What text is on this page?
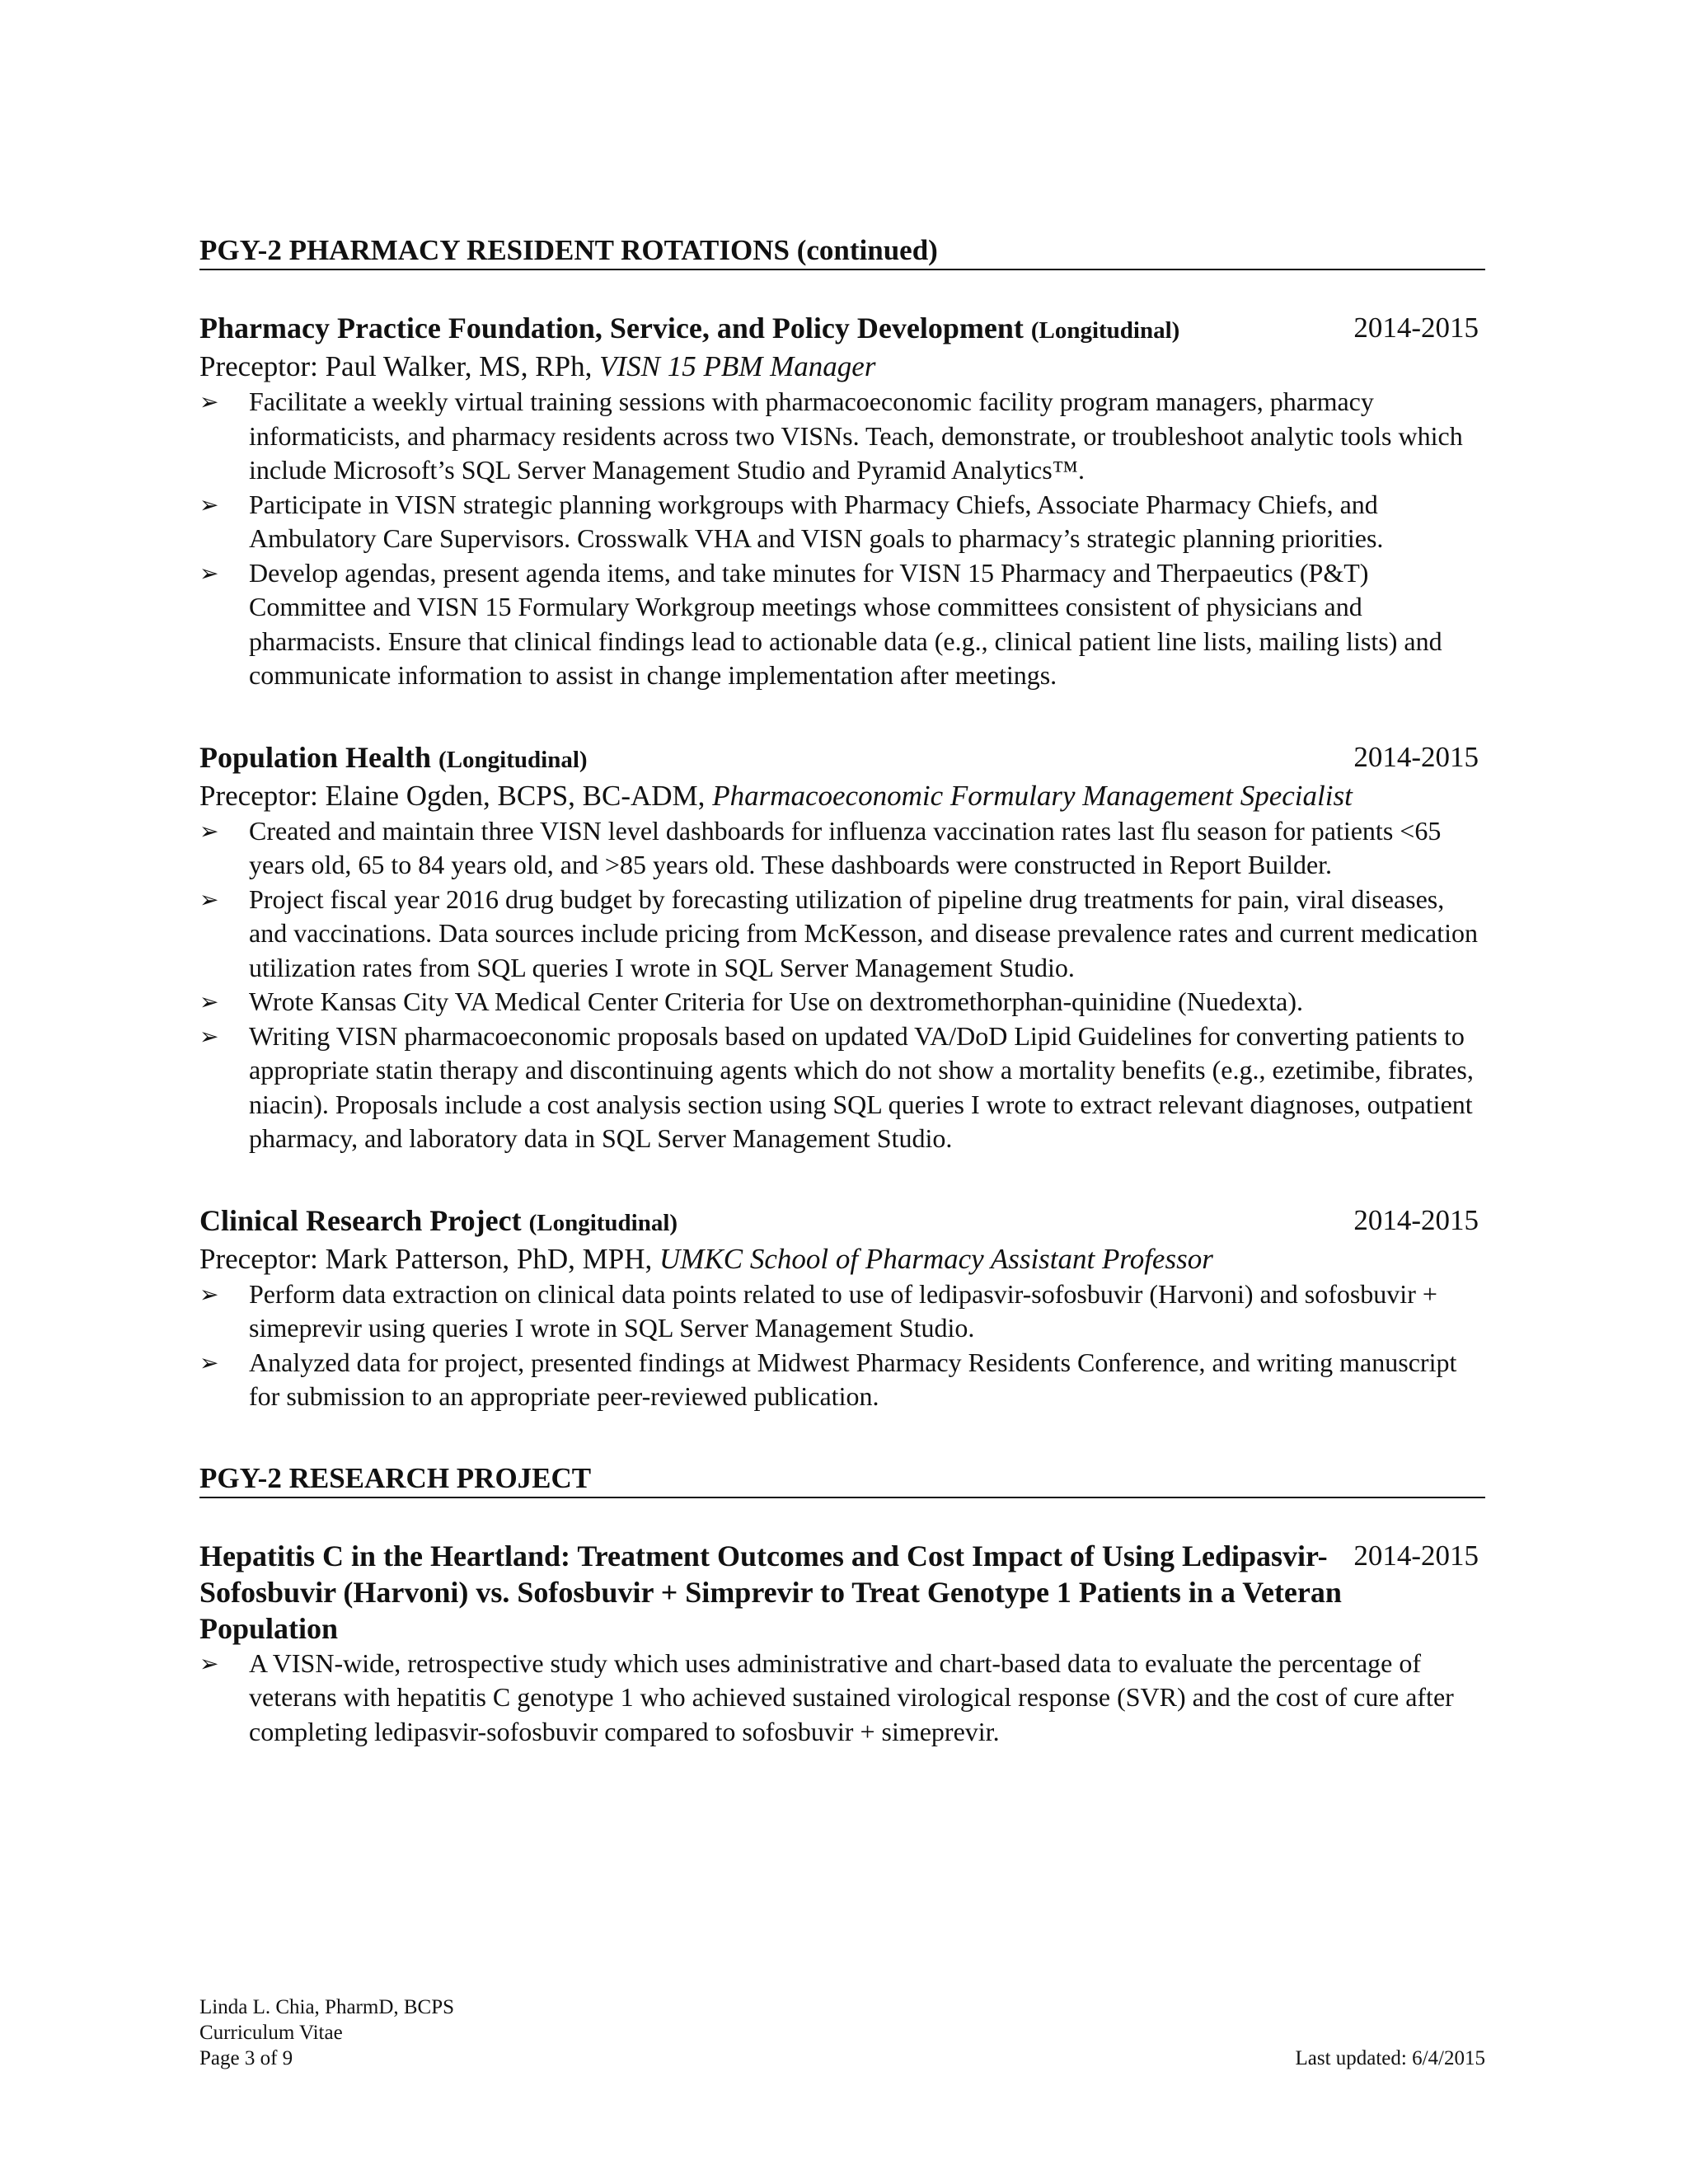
PGY-2 PHARMACY RESIDENT ROTATIONS (continued)
Pharmacy Practice Foundation, Service, and Policy Development (Longitudinal)	2014-2015
Preceptor: Paul Walker, MS, RPh, VISN 15 PBM Manager
➢ Facilitate a weekly virtual training sessions with pharmacoeconomic facility program managers, pharmacy informaticists, and pharmacy residents across two VISNs. Teach, demonstrate, or troubleshoot analytic tools which include Microsoft’s SQL Server Management Studio and Pyramid Analytics™.
➢ Participate in VISN strategic planning workgroups with Pharmacy Chiefs, Associate Pharmacy Chiefs, and Ambulatory Care Supervisors. Crosswalk VHA and VISN goals to pharmacy’s strategic planning priorities.
➢ Develop agendas, present agenda items, and take minutes for VISN 15 Pharmacy and Therpaeutics (P&T) Committee and VISN 15 Formulary Workgroup meetings whose committees consistent of physicians and pharmacists. Ensure that clinical findings lead to actionable data (e.g., clinical patient line lists, mailing lists) and communicate information to assist in change implementation after meetings.
Population Health (Longitudinal)	2014-2015
Preceptor: Elaine Ogden, BCPS, BC-ADM, Pharmacoeconomic Formulary Management Specialist
➢ Created and maintain three VISN level dashboards for influenza vaccination rates last flu season for patients <65 years old, 65 to 84 years old, and >85 years old. These dashboards were constructed in Report Builder.
➢ Project fiscal year 2016 drug budget by forecasting utilization of pipeline drug treatments for pain, viral diseases, and vaccinations. Data sources include pricing from McKesson, and disease prevalence rates and current medication utilization rates from SQL queries I wrote in SQL Server Management Studio.
➢ Wrote Kansas City VA Medical Center Criteria for Use on dextromethorphan-quinidine (Nuedexta).
➢ Writing VISN pharmacoeconomic proposals based on updated VA/DoD Lipid Guidelines for converting patients to appropriate statin therapy and discontinuing agents which do not show a mortality benefits (e.g., ezetimibe, fibrates, niacin). Proposals include a cost analysis section using SQL queries I wrote to extract relevant diagnoses, outpatient pharmacy, and laboratory data in SQL Server Management Studio.
Clinical Research Project (Longitudinal)	2014-2015
Preceptor: Mark Patterson, PhD, MPH, UMKC School of Pharmacy Assistant Professor
➢ Perform data extraction on clinical data points related to use of ledipasvir-sofosbuvir (Harvoni) and sofosbuvir + simeprevir using queries I wrote in SQL Server Management Studio.
➢ Analyzed data for project, presented findings at Midwest Pharmacy Residents Conference, and writing manuscript for submission to an appropriate peer-reviewed publication.
PGY-2 RESEARCH PROJECT
Hepatitis C in the Heartland: Treatment Outcomes and Cost Impact of Using Ledipasvir-Sofosbuvir (Harvoni) vs. Sofosbuvir + Simprevir to Treat Genotype 1 Patients in a Veteran Population
2014-2015
➢ A VISN-wide, retrospective study which uses administrative and chart-based data to evaluate the percentage of veterans with hepatitis C genotype 1 who achieved sustained virological response (SVR) and the cost of cure after completing ledipasvir-sofosbuvir compared to sofosbuvir + simeprevir.
Linda L. Chia, PharmD, BCPS
Curriculum Vitae
Page 3 of 9	Last updated: 6/4/2015
